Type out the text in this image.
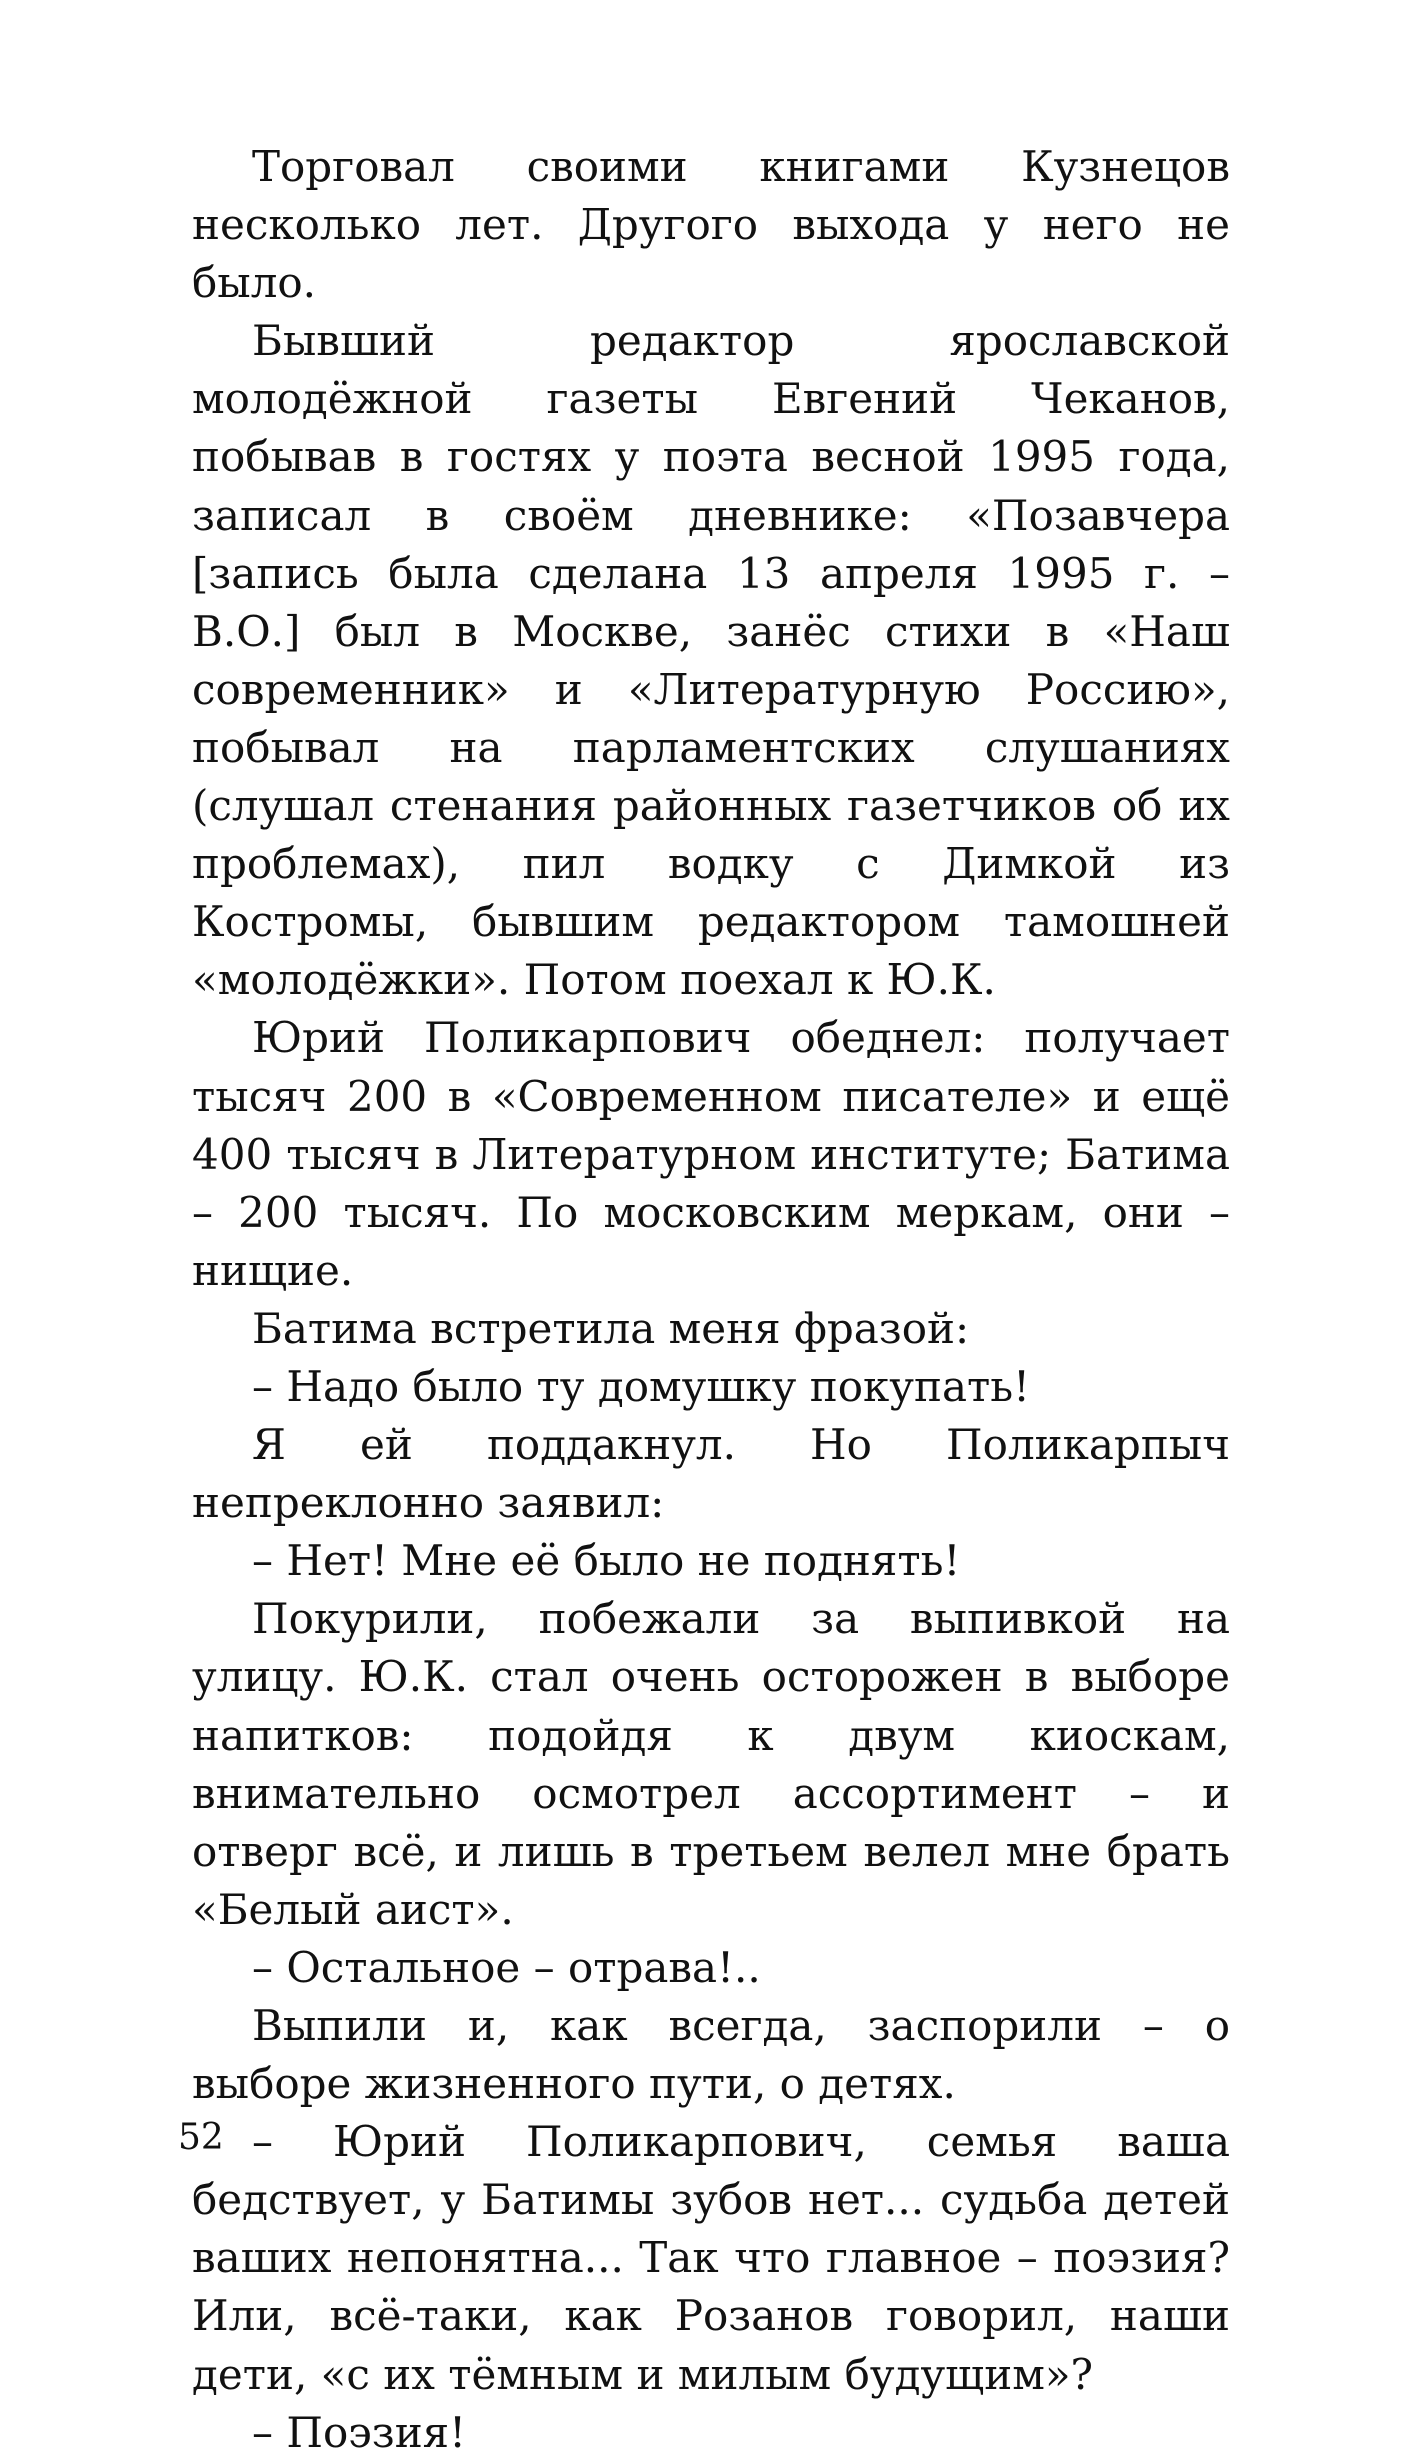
Торговал своими книгами Кузнецов несколько лет. Другого выхода у него не было.

Бывший редактор ярославской молодёжной газеты Евгений Чеканов, побывав в гостях у поэта весной 1995 года, записал в своём дневнике: «Позавчера [запись была сделана 13 апреля 1995 г. – В.О.] был в Москве, занёс стихи в «Наш современник» и «Литературную Россию», побывал на парламентских слушаниях (слушал стенания районных газетчиков об их проблемах), пил водку с Димкой из Костромы, бывшим редактором тамошней «молодёжки». Потом поехал к Ю.К.

Юрий Поликарпович обеднел: получает тысяч 200 в «Современном писателе» и ещё 400 тысяч в Литературном институте; Батима – 200 тысяч. По московским меркам, они – нищие.

Батима встретила меня фразой:

– Надо было ту домушку покупать!

Я ей поддакнул. Но Поликарпыч непреклонно заявил:

– Нет! Мне её было не поднять!

Покурили, побежали за выпивкой на улицу. Ю.К. стал очень осторожен в выборе напитков: подойдя к двум киоскам, внимательно осмотрел ассортимент – и отверг всё, и лишь в третьем велел мне брать «Белый аист».

– Остальное – отрава!..

Выпили и, как всегда, заспорили – о выборе жизненного пути, о детях.

– Юрий Поликарпович, семья ваша бедствует, у Батимы зубов нет... судьба детей ваших непонятна... Так что главное – поэзия? Или, всё-таки, как Розанов говорил, наши дети, «с их тёмным и милым будущим»?

– Поэзия!

52
